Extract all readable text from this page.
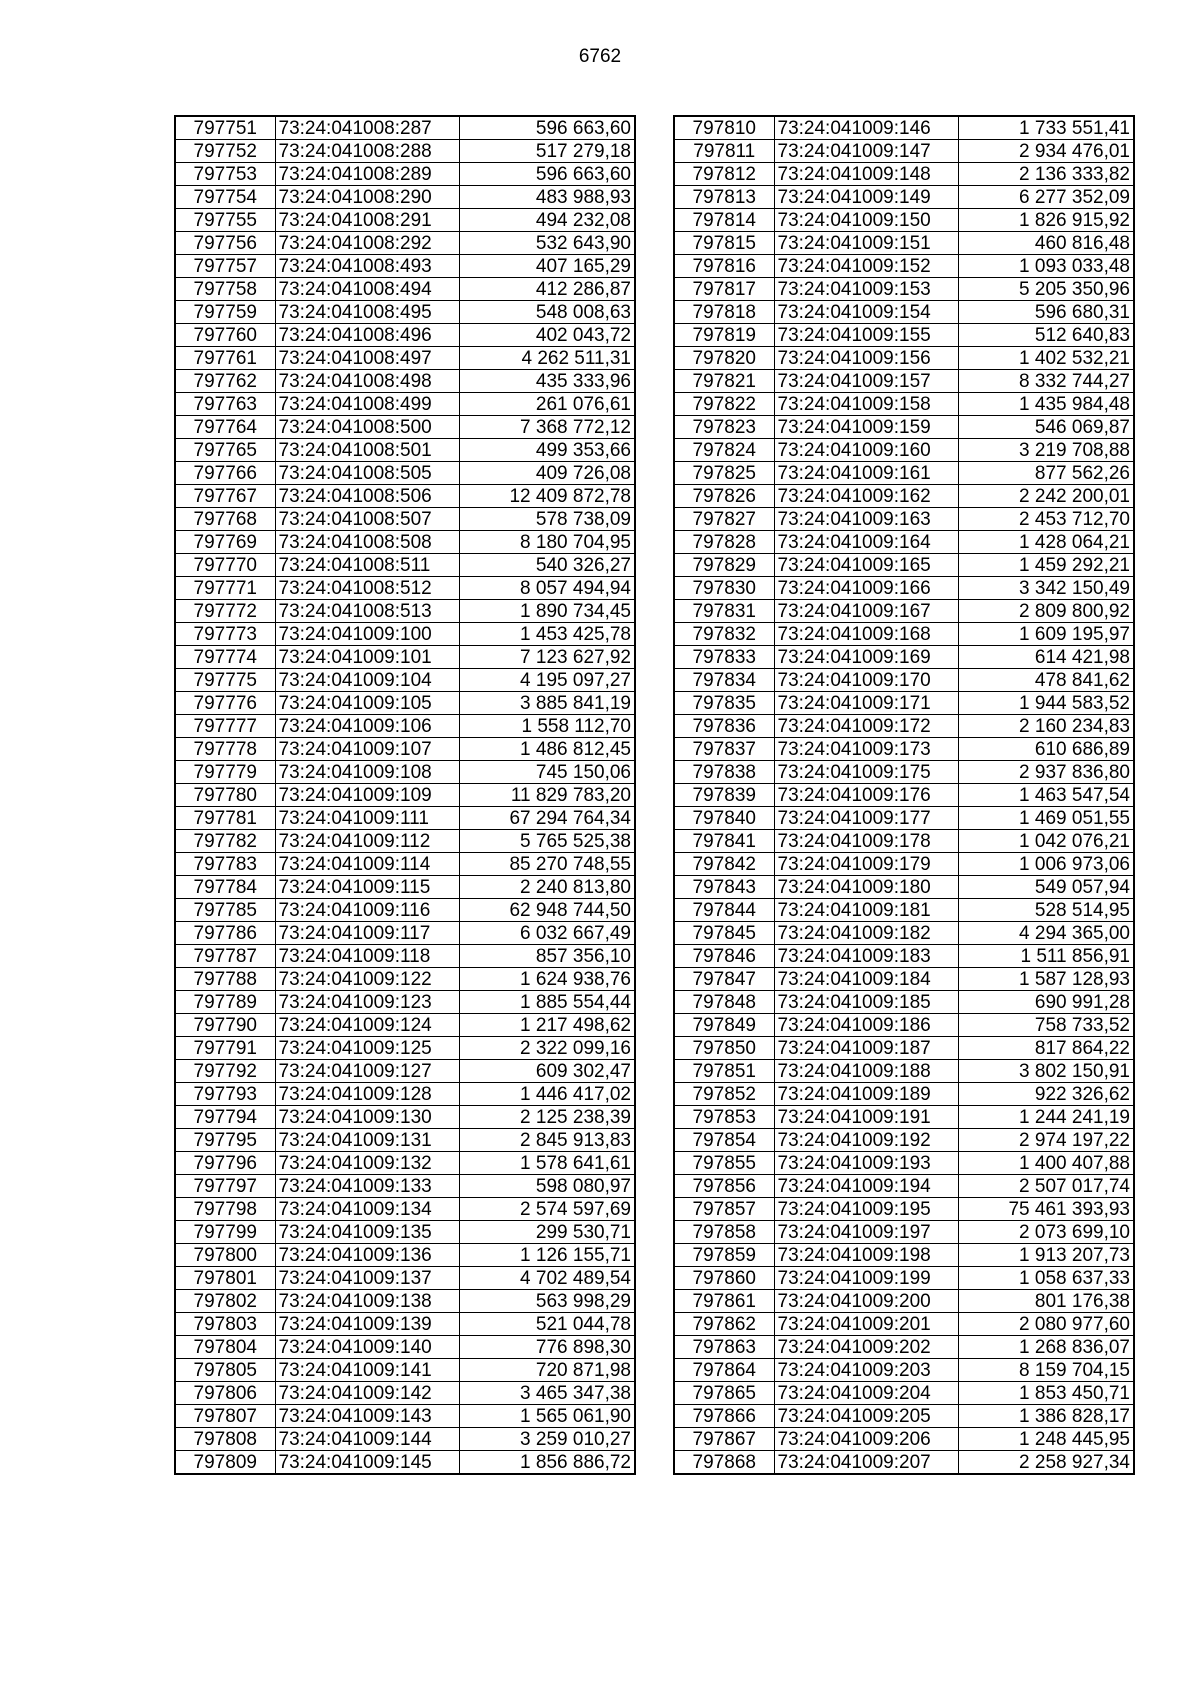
6762
797751	73:24:041008:287	596 663,60
797752	73:24:041008:288	517 279,18
797753	73:24:041008:289	596 663,60
797754	73:24:041008:290	483 988,93
797755	73:24:041008:291	494 232,08
797756	73:24:041008:292	532 643,90
797757	73:24:041008:493	407 165,29
797758	73:24:041008:494	412 286,87
797759	73:24:041008:495	548 008,63
797760	73:24:041008:496	402 043,72
797761	73:24:041008:497	4 262 511,31
797762	73:24:041008:498	435 333,96
797763	73:24:041008:499	261 076,61
797764	73:24:041008:500	7 368 772,12
797765	73:24:041008:501	499 353,66
797766	73:24:041008:505	409 726,08
797767	73:24:041008:506	12 409 872,78
797768	73:24:041008:507	578 738,09
797769	73:24:041008:508	8 180 704,95
797770	73:24:041008:511	540 326,27
797771	73:24:041008:512	8 057 494,94
797772	73:24:041008:513	1 890 734,45
797773	73:24:041009:100	1 453 425,78
797774	73:24:041009:101	7 123 627,92
797775	73:24:041009:104	4 195 097,27
797776	73:24:041009:105	3 885 841,19
797777	73:24:041009:106	1 558 112,70
797778	73:24:041009:107	1 486 812,45
797779	73:24:041009:108	745 150,06
797780	73:24:041009:109	11 829 783,20
797781	73:24:041009:111	67 294 764,34
797782	73:24:041009:112	5 765 525,38
797783	73:24:041009:114	85 270 748,55
797784	73:24:041009:115	2 240 813,80
797785	73:24:041009:116	62 948 744,50
797786	73:24:041009:117	6 032 667,49
797787	73:24:041009:118	857 356,10
797788	73:24:041009:122	1 624 938,76
797789	73:24:041009:123	1 885 554,44
797790	73:24:041009:124	1 217 498,62
797791	73:24:041009:125	2 322 099,16
797792	73:24:041009:127	609 302,47
797793	73:24:041009:128	1 446 417,02
797794	73:24:041009:130	2 125 238,39
797795	73:24:041009:131	2 845 913,83
797796	73:24:041009:132	1 578 641,61
797797	73:24:041009:133	598 080,97
797798	73:24:041009:134	2 574 597,69
797799	73:24:041009:135	299 530,71
797800	73:24:041009:136	1 126 155,71
797801	73:24:041009:137	4 702 489,54
797802	73:24:041009:138	563 998,29
797803	73:24:041009:139	521 044,78
797804	73:24:041009:140	776 898,30
797805	73:24:041009:141	720 871,98
797806	73:24:041009:142	3 465 347,38
797807	73:24:041009:143	1 565 061,90
797808	73:24:041009:144	3 259 010,27
797809	73:24:041009:145	1 856 886,72
797810	73:24:041009:146	1 733 551,41
797811	73:24:041009:147	2 934 476,01
797812	73:24:041009:148	2 136 333,82
797813	73:24:041009:149	6 277 352,09
797814	73:24:041009:150	1 826 915,92
797815	73:24:041009:151	460 816,48
797816	73:24:041009:152	1 093 033,48
797817	73:24:041009:153	5 205 350,96
797818	73:24:041009:154	596 680,31
797819	73:24:041009:155	512 640,83
797820	73:24:041009:156	1 402 532,21
797821	73:24:041009:157	8 332 744,27
797822	73:24:041009:158	1 435 984,48
797823	73:24:041009:159	546 069,87
797824	73:24:041009:160	3 219 708,88
797825	73:24:041009:161	877 562,26
797826	73:24:041009:162	2 242 200,01
797827	73:24:041009:163	2 453 712,70
797828	73:24:041009:164	1 428 064,21
797829	73:24:041009:165	1 459 292,21
797830	73:24:041009:166	3 342 150,49
797831	73:24:041009:167	2 809 800,92
797832	73:24:041009:168	1 609 195,97
797833	73:24:041009:169	614 421,98
797834	73:24:041009:170	478 841,62
797835	73:24:041009:171	1 944 583,52
797836	73:24:041009:172	2 160 234,83
797837	73:24:041009:173	610 686,89
797838	73:24:041009:175	2 937 836,80
797839	73:24:041009:176	1 463 547,54
797840	73:24:041009:177	1 469 051,55
797841	73:24:041009:178	1 042 076,21
797842	73:24:041009:179	1 006 973,06
797843	73:24:041009:180	549 057,94
797844	73:24:041009:181	528 514,95
797845	73:24:041009:182	4 294 365,00
797846	73:24:041009:183	1 511 856,91
797847	73:24:041009:184	1 587 128,93
797848	73:24:041009:185	690 991,28
797849	73:24:041009:186	758 733,52
797850	73:24:041009:187	817 864,22
797851	73:24:041009:188	3 802 150,91
797852	73:24:041009:189	922 326,62
797853	73:24:041009:191	1 244 241,19
797854	73:24:041009:192	2 974 197,22
797855	73:24:041009:193	1 400 407,88
797856	73:24:041009:194	2 507 017,74
797857	73:24:041009:195	75 461 393,93
797858	73:24:041009:197	2 073 699,10
797859	73:24:041009:198	1 913 207,73
797860	73:24:041009:199	1 058 637,33
797861	73:24:041009:200	801 176,38
797862	73:24:041009:201	2 080 977,60
797863	73:24:041009:202	1 268 836,07
797864	73:24:041009:203	8 159 704,15
797865	73:24:041009:204	1 853 450,71
797866	73:24:041009:205	1 386 828,17
797867	73:24:041009:206	1 248 445,95
797868	73:24:041009:207	2 258 927,34
